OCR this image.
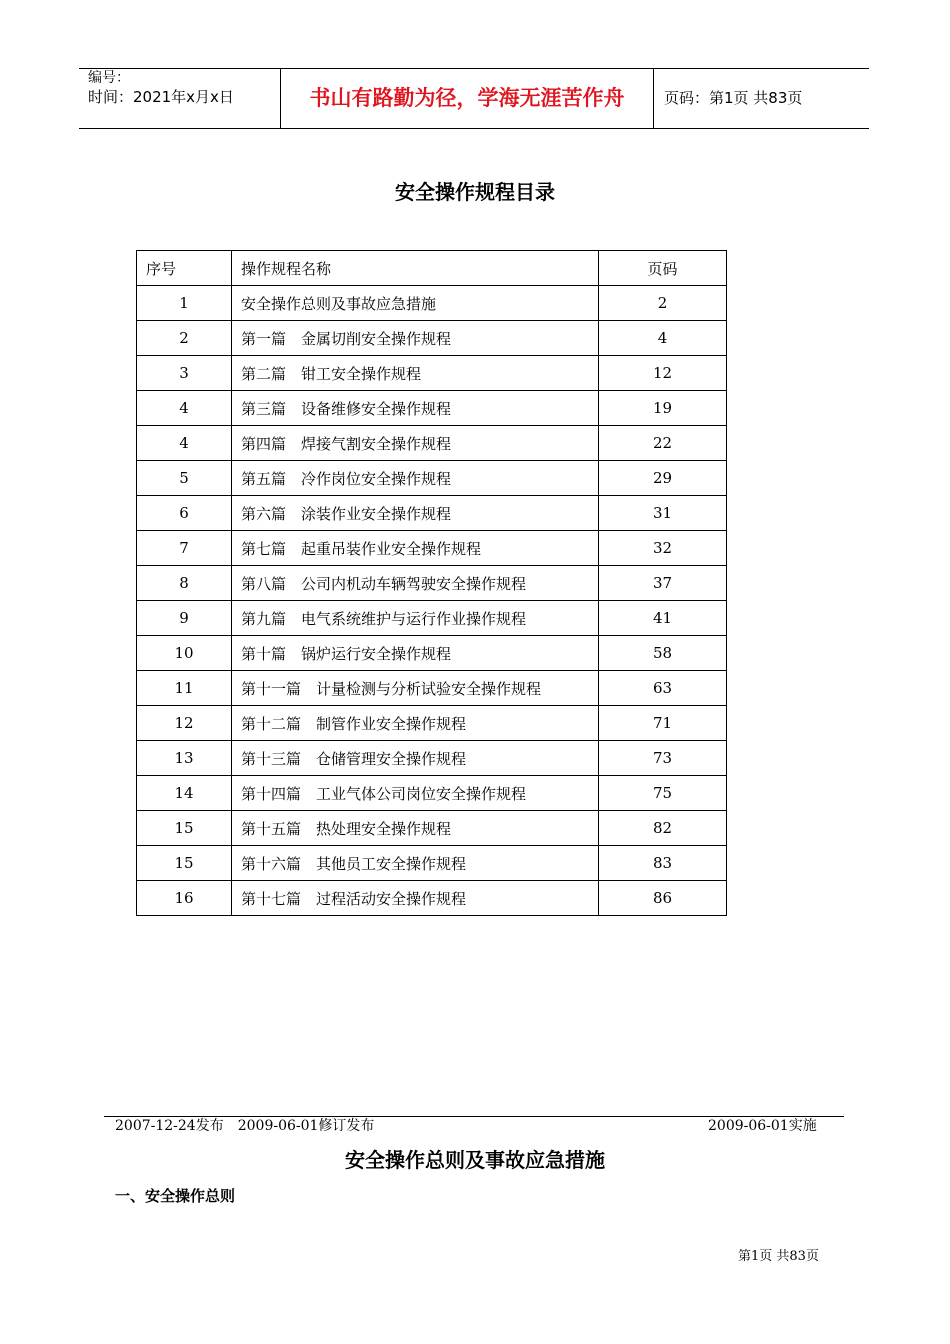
编号：
时间：2021年x月x日	书山有路勤为径，学海无涯苦作舟	页码：第1页 共83页
安全操作规程目录
序号	操作规程名称	页码
1	安全操作总则及事故应急措施	2
2	第一篇　金属切削安全操作规程	4
3	第二篇　钳工安全操作规程	12
4	第三篇　设备维修安全操作规程	19
4	第四篇　焊接气割安全操作规程	22
5	第五篇　冷作岗位安全操作规程	29
6	第六篇　涂装作业安全操作规程	31
7	第七篇　起重吊装作业安全操作规程	32
8	第八篇　公司内机动车辆驾驶安全操作规程	37
9	第九篇　电气系统维护与运行作业操作规程	41
10	第十篇　锅炉运行安全操作规程	58
11	第十一篇　计量检测与分析试验安全操作规程	63
12	第十二篇　制管作业安全操作规程	71
13	第十三篇　仓储管理安全操作规程	73
14	第十四篇　工业气体公司岗位安全操作规程	75
15	第十五篇　热处理安全操作规程	82
15	第十六篇　其他员工安全操作规程	83
16	第十七篇　过程活动安全操作规程	86
2007-12-24发布　2009-06-01修订发布	2009-06-01实施
安全操作总则及事故应急措施
一、安全操作总则
第1页 共83页
